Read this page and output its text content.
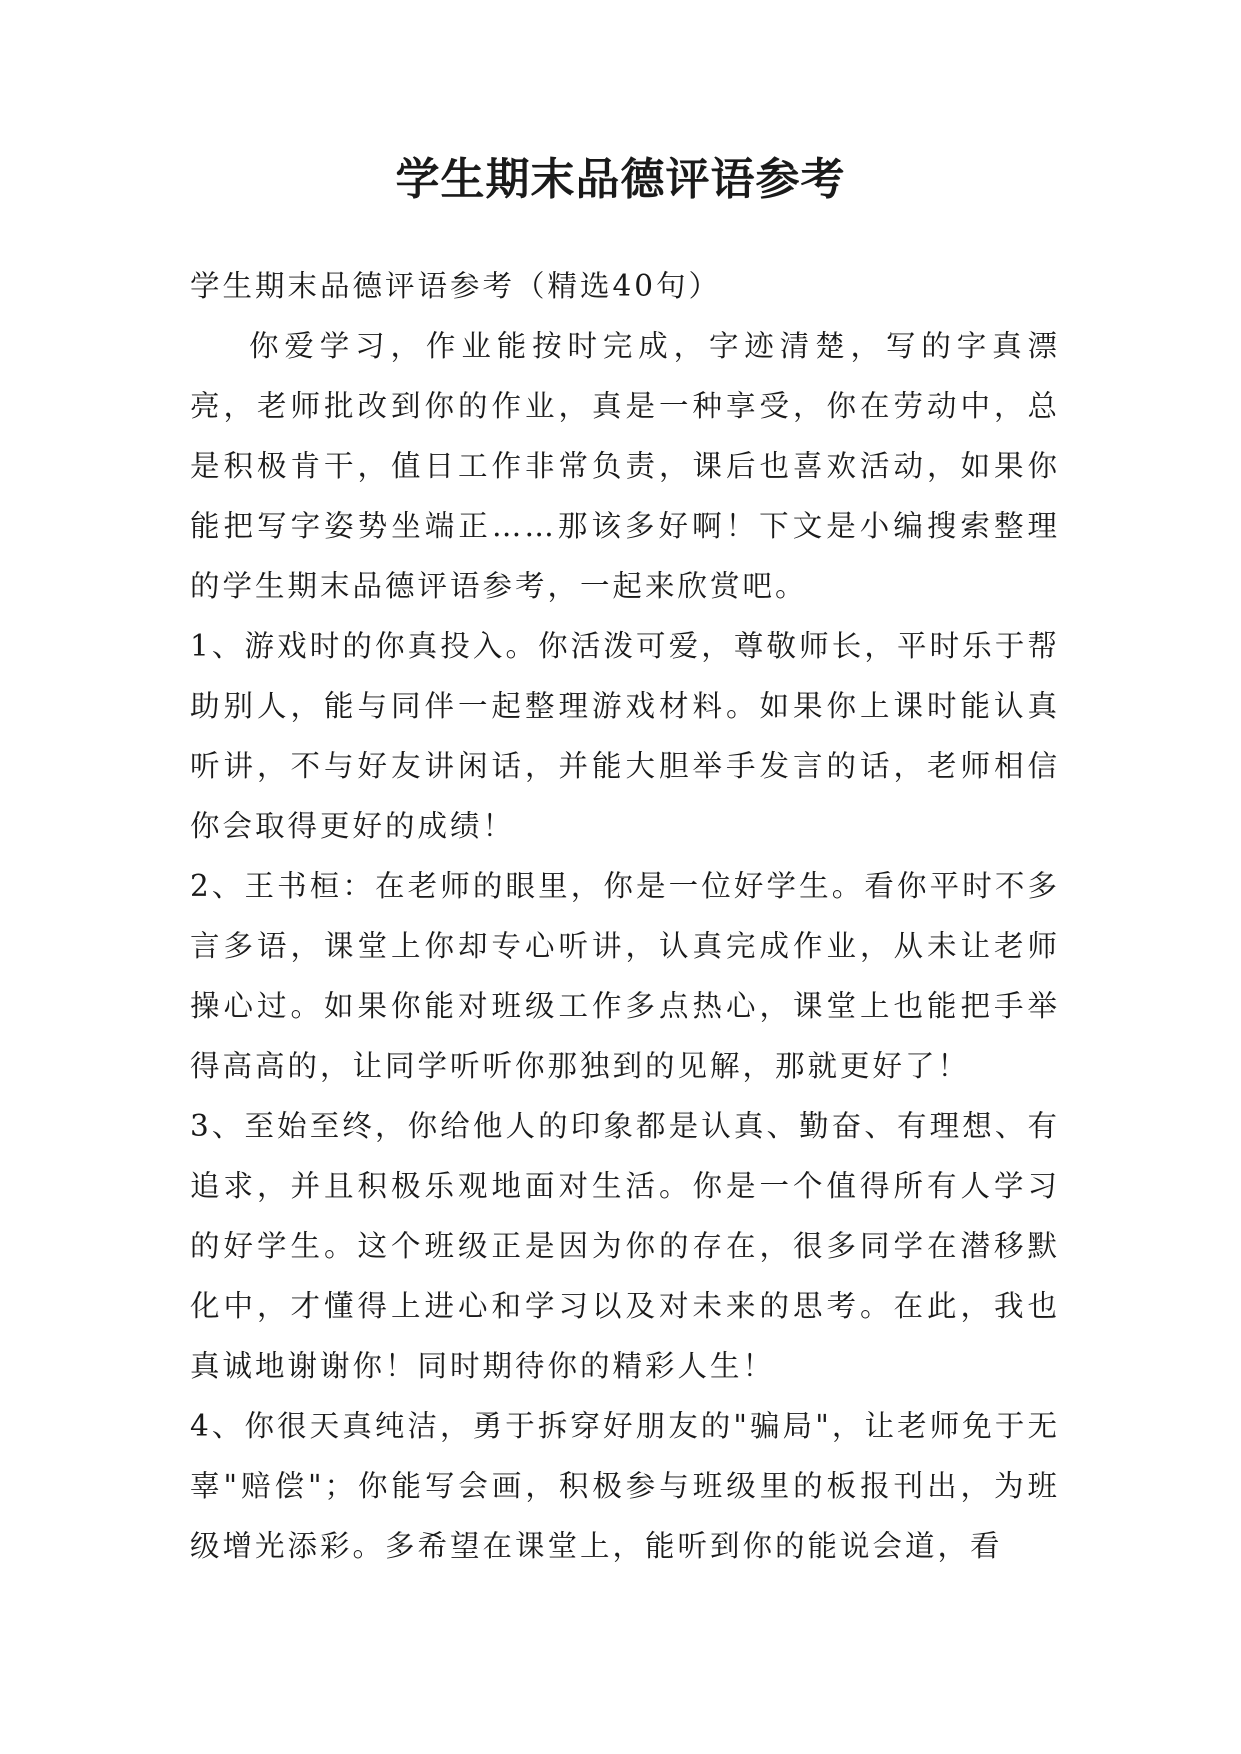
学生期末品德评语参考

学生期末品德评语参考（精选40句）

你爱学习，作业能按时完成，字迹清楚，写的字真漂亮，老师批改到你的作业，真是一种享受，你在劳动中，总是积极肯干，值日工作非常负责，课后也喜欢活动，如果你能把写字姿势坐端正……那该多好啊！下文是小编搜索整理的学生期末品德评语参考，一起来欣赏吧。

1、游戏时的你真投入。你活泼可爱，尊敬师长，平时乐于帮助别人，能与同伴一起整理游戏材料。如果你上课时能认真听讲，不与好友讲闲话，并能大胆举手发言的话，老师相信你会取得更好的成绩！

2、王书桓：在老师的眼里，你是一位好学生。看你平时不多言多语，课堂上你却专心听讲，认真完成作业，从未让老师操心过。如果你能对班级工作多点热心，课堂上也能把手举得高高的，让同学听听你那独到的见解，那就更好了！

3、至始至终，你给他人的印象都是认真、勤奋、有理想、有追求，并且积极乐观地面对生活。你是一个值得所有人学习的好学生。这个班级正是因为你的存在，很多同学在潜移默化中，才懂得上进心和学习以及对未来的思考。在此，我也真诚地谢谢你！同时期待你的精彩人生！

4、你很天真纯洁，勇于拆穿好朋友的"骗局"，让老师免于无辜"赔偿"；你能写会画，积极参与班级里的板报刊出，为班级增光添彩。多希望在课堂上，能听到你的能说会道，看
